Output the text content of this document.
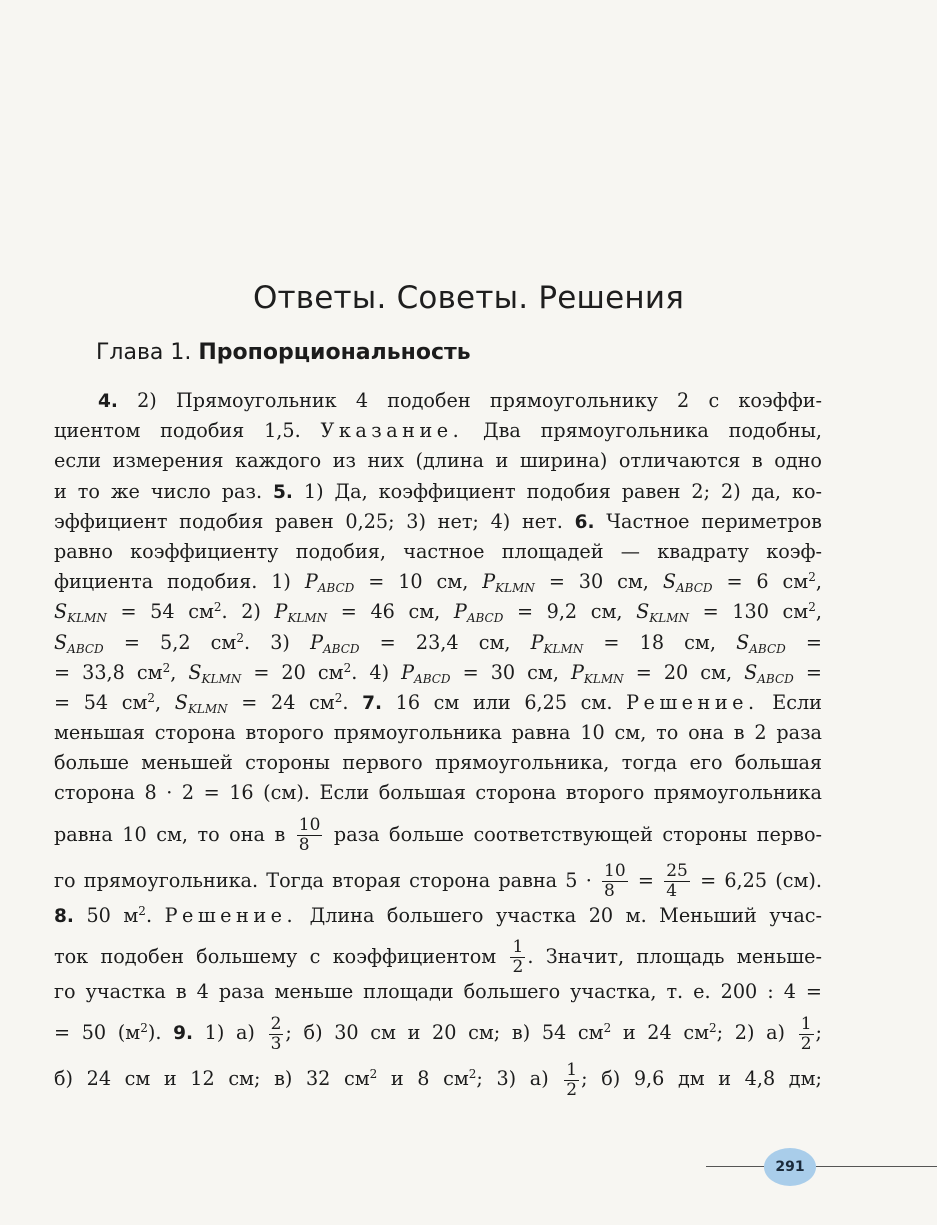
Ответы. Советы. Решения
Глава 1. Пропорциональность
4. 2) Прямоугольник 4 подобен прямоугольнику 2 с коэффи-
циентом подобия 1,5. Указание. Два прямоугольника подобны,
если измерения каждого из них (длина и ширина) отличаются в одно
и то же число раз. 5. 1) Да, коэффициент подобия равен 2; 2) да, ко-
эффициент подобия равен 0,25; 3) нет; 4) нет. 6. Частное периметров
равно коэффициенту подобия, частное площадей — квадрату коэф-
фициента подобия. 1) $P_{ABCD} = 10$ см, $P_{KLMN} = 30$ см, $S_{ABCD} = 6$ $см^2$,
$S_{KLMN} = 54$ $см^2$. 2) $P_{KLMN} = 46$ см, $P_{ABCD} = 9,2$ см, $S_{KLMN} = 130$ $см^2$,
$S_{ABCD} = 5,2$ $см^2$. 3) $P_{ABCD} = 23,4$ см, $P_{KLMN} = 18$ см, $S_{ABCD}$ =
= 33,8 $см^2$, $S_{KLMN} = 20$ $см^2$. 4) $P_{ABCD} = 30$ см, $P_{KLMN} = 20$ см, $S_{ABCD}$ =
= 54 $см^2$, $S_{KLMN} = 24$ $см^2$. 7. 16 см или 6,25 см. Решение. Если
меньшая сторона второго прямоугольника равна 10 см, то она в 2 раза
больше меньшей стороны первого прямоугольника, тогда его большая
сторона 8 · 2 = 16 (см). Если большая сторона второго прямоугольника
равна 10 см, то она в $\frac{10}{8}$ раза больше соответствующей стороны перво-
го прямоугольника. Тогда вторая сторона равна $5 \cdot \frac{10}{8} = \frac{25}{4} = 6,25$ (см).
8. 50 $м^2$. Решение. Длина большего участка 20 м. Меньший учас-
ток подобен большему с коэффициентом $\frac{1}{2}$ . Значит, площадь меньше-
го участка в 4 раза меньше площади большего участка, т. е. 200 : 4 =
= 50 $(м^2)$. 9. 1) $а) \frac{2}{3}$ ; б) 30 см и 20 см; в) 54 $см^2$ и 24 $см^2$; 2) $а) \frac{1}{2}$ ;
б) 24 см и 12 см; в) 32 $см^2$ и 8 $см^2$; 3) $а) \frac{1}{2}$ ; б) 9,6 дм и 4,8 дм;
291
